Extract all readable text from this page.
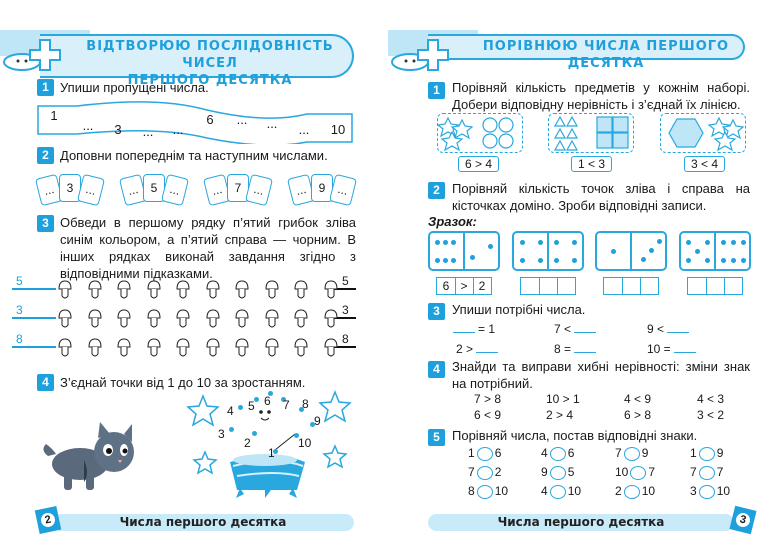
ВІДТВОРЮЮ ПОСЛІДОВНІСТЬ ЧИСЕЛ
ПЕРШОГО ДЕСЯТКА
1 Упиши пропущені числа.
1
...	3	...	...
6	...	...	...	10
2 Доповни попереднім та наступним числами.
... 3 ...	... 5 ...	... 7 ...	... 9 ...
3 Обведи в першому рядку п’ятий грибок зліва синім кольором, а п’ятий справа — чорним. В інших рядках виконай завдання згідно з відповідними підказками.
5	5
3	3
8	8
4 З’єднай точки від 1 до 10 за зростанням.
1
2
3
4 5 6 7 8
9
10
Числа першого десятка
2
ПОРІВНЮЮ ЧИСЛА ПЕРШОГО ДЕСЯТКА
1 Порівняй кількість предметів у кожнім наборі. Добери відповідну нерівність і з’єднай їх лінією.
6 > 4	1 < 3	3 < 4
2 Порівняй кількість точок зліва і справа на кісточках доміно. Зроби відповідні записи.
Зразок:
6 > 2
3 Упиши потрібні числа.
= 1	7 <	9 <
2 >	8 =	10 =
4 Знайди та виправи хибні нерівності: зміни знак на потрібний.
7 > 8	10 > 1	4 < 9	4 < 3
6 < 9	2 > 4	6 > 8	3 < 2
5 Порівняй числа, постав відповідні знаки.
1 6	4 6	7 9	1 9
7 2	9 5	10 7	7 7
8 10	4 10	2 10	3 10
Числа першого десятка	3
